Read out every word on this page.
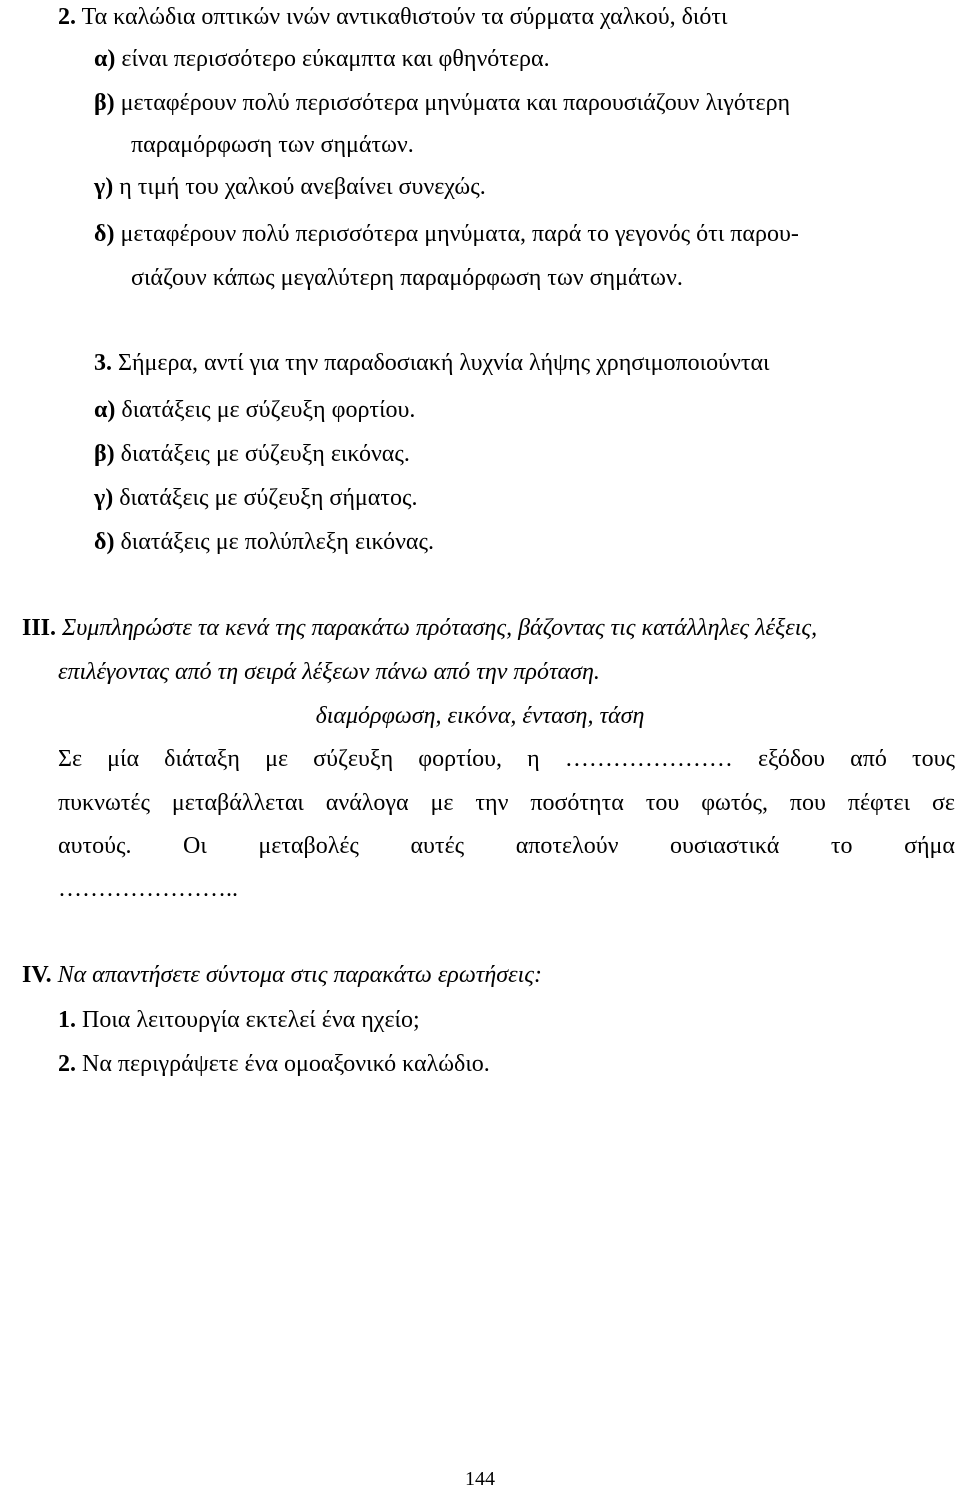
2. Τα καλώδια οπτικών ινών αντικαθιστούν τα σύρματα χαλκού, διότι
α) είναι περισσότερο εύκαμπτα και φθηνότερα.
β) μεταφέρουν πολύ περισσότερα μηνύματα και παρουσιάζουν λιγότερη
παραμόρφωση των σημάτων.
γ) η τιμή του χαλκού ανεβαίνει συνεχώς.
δ) μεταφέρουν πολύ περισσότερα μηνύματα, παρά το γεγονός ότι παρου-
σιάζουν κάπως μεγαλύτερη παραμόρφωση των σημάτων.
3. Σήμερα, αντί για την παραδοσιακή λυχνία λήψης χρησιμοποιούνται
α) διατάξεις με σύζευξη φορτίου.
β) διατάξεις με σύζευξη εικόνας.
γ) διατάξεις με σύζευξη σήματος.
δ) διατάξεις με πολύπλεξη εικόνας.
III. Συμπληρώστε τα κενά της παρακάτω πρότασης, βάζοντας τις κατάλληλες λέξεις,
επιλέγοντας από τη σειρά λέξεων πάνω από την πρόταση.
διαμόρφωση, εικόνα, ένταση, τάση
Σε μία διάταξη με σύζευξη φορτίου, η ………………… εξόδου από τους
πυκνωτές μεταβάλλεται ανάλογα με την ποσότητα του φωτός, που πέφτει σε
αυτούς. Οι μεταβολές αυτές αποτελούν ουσιαστικά το σήμα
…………………..
IV. Να απαντήσετε σύντομα στις παρακάτω ερωτήσεις:
1. Ποια λειτουργία εκτελεί ένα ηχείο;
2. Να περιγράψετε ένα ομοαξονικό καλώδιο.
144
